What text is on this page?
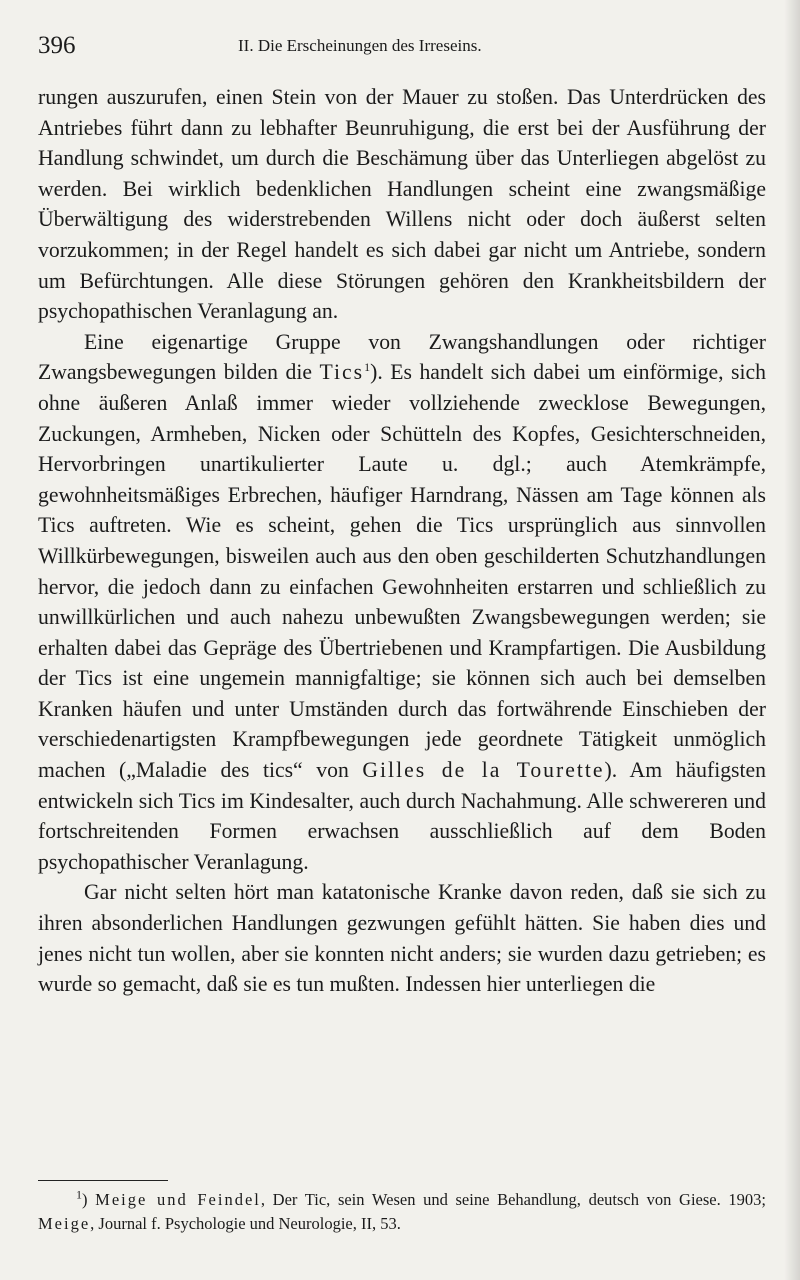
396	II. Die Erscheinungen des Irreseins.

rungen auszurufen, einen Stein von der Mauer zu stoßen. Das Unterdrücken des Antriebes führt dann zu lebhafter Beunruhigung, die erst bei der Ausführung der Handlung schwindet, um durch die Beschämung über das Unterliegen abgelöst zu werden. Bei wirklich bedenklichen Handlungen scheint eine zwangsmäßige Überwältigung des widerstrebenden Willens nicht oder doch äußerst selten vorzukommen; in der Regel handelt es sich dabei gar nicht um Antriebe, sondern um Befürchtungen. Alle diese Störungen gehören den Krankheitsbildern der psychopathischen Veranlagung an.

Eine eigenartige Gruppe von Zwangshandlungen oder richtiger Zwangsbewegungen bilden die Tics$^1$). Es handelt sich dabei um einförmige, sich ohne äußeren Anlaß immer wieder vollziehende zwecklose Bewegungen, Zuckungen, Armheben, Nicken oder Schütteln des Kopfes, Gesichterschneiden, Hervorbringen unartikulierter Laute u. dgl.; auch Atemkrämpfe, gewohnheitsmäßiges Erbrechen, häufiger Harndrang, Nässen am Tage können als Tics auftreten. Wie es scheint, gehen die Tics ursprünglich aus sinnvollen Willkürbewegungen, bisweilen auch aus den oben geschilderten Schutzhandlungen hervor, die jedoch dann zu einfachen Gewohnheiten erstarren und schließlich zu unwillkürlichen und auch nahezu unbewußten Zwangsbewegungen werden; sie erhalten dabei das Gepräge des Übertriebenen und Krampfartigen. Die Ausbildung der Tics ist eine ungemein mannigfaltige; sie können sich auch bei demselben Kranken häufen und unter Umständen durch das fortwährende Einschieben der verschiedenartigsten Krampfbewegungen jede geordnete Tätigkeit unmöglich machen („Maladie des tics“ von Gilles de la Tourette). Am häufigsten entwickeln sich Tics im Kindesalter, auch durch Nachahmung. Alle schwereren und fortschreitenden Formen erwachsen ausschließlich auf dem Boden psychopathischer Veranlagung.

Gar nicht selten hört man katatonische Kranke davon reden, daß sie sich zu ihren absonderlichen Handlungen gezwungen gefühlt hätten. Sie haben dies und jenes nicht tun wollen, aber sie konnten nicht anders; sie wurden dazu getrieben; es wurde so gemacht, daß sie es tun mußten. Indessen hier unterliegen die

$^1$) Meige und Feindel, Der Tic, sein Wesen und seine Behandlung, deutsch von Giese. 1903; Meige, Journal f. Psychologie und Neurologie, II, 53.
